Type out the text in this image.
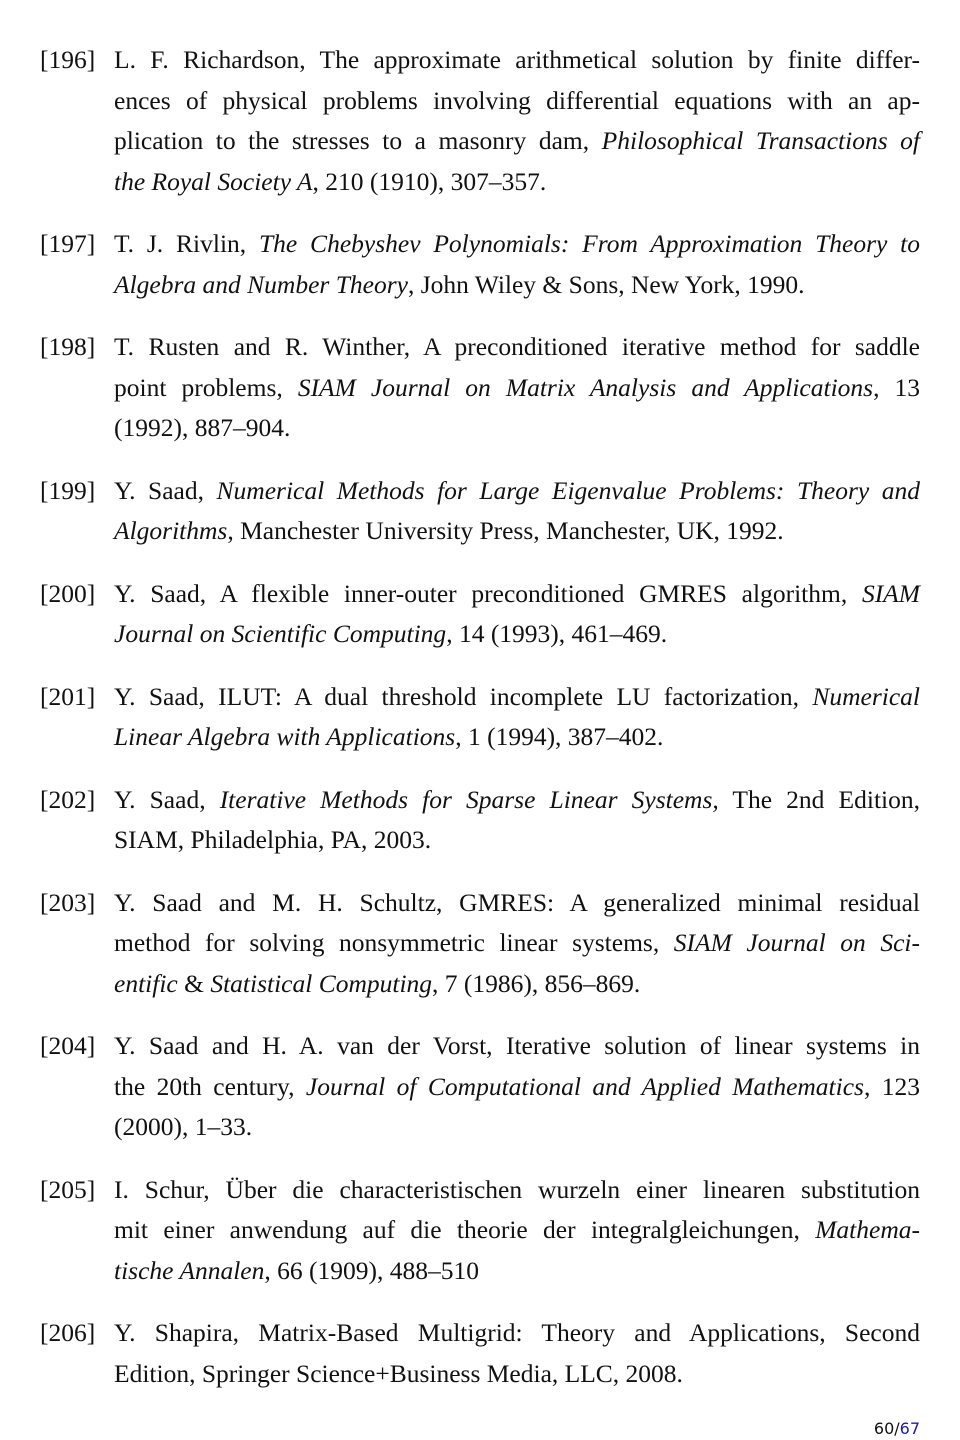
[196] L. F. Richardson, The approximate arithmetical solution by finite differ-
ences of physical problems involving differential equations with an ap-
plication to the stresses to a masonry dam, Philosophical Transactions of
the Royal Society A, 210 (1910), 307–357.
[197] T. J. Rivlin, The Chebyshev Polynomials: From Approximation Theory to
Algebra and Number Theory, John Wiley & Sons, New York, 1990.
[198] T. Rusten and R. Winther, A preconditioned iterative method for saddle
point problems, SIAM Journal on Matrix Analysis and Applications, 13
(1992), 887–904.
[199] Y. Saad, Numerical Methods for Large Eigenvalue Problems: Theory and
Algorithms, Manchester University Press, Manchester, UK, 1992.
[200] Y. Saad, A flexible inner-outer preconditioned GMRES algorithm, SIAM
Journal on Scientific Computing, 14 (1993), 461–469.
[201] Y. Saad, ILUT: A dual threshold incomplete LU factorization, Numerical
Linear Algebra with Applications, 1 (1994), 387–402.
[202] Y. Saad, Iterative Methods for Sparse Linear Systems, The 2nd Edition,
SIAM, Philadelphia, PA, 2003.
[203] Y. Saad and M. H. Schultz, GMRES: A generalized minimal residual
method for solving nonsymmetric linear systems, SIAM Journal on Sci-
entific & Statistical Computing, 7 (1986), 856–869.
[204] Y. Saad and H. A. van der Vorst, Iterative solution of linear systems in
the 20th century, Journal of Computational and Applied Mathematics, 123
(2000), 1–33.
[205] I. Schur, Über die characteristischen wurzeln einer linearen substitution
mit einer anwendung auf die theorie der integralgleichungen, Mathema-
tische Annalen, 66 (1909), 488–510
[206] Y. Shapira, Matrix-Based Multigrid: Theory and Applications, Second
Edition, Springer Science+Business Media, LLC, 2008.
60/67
